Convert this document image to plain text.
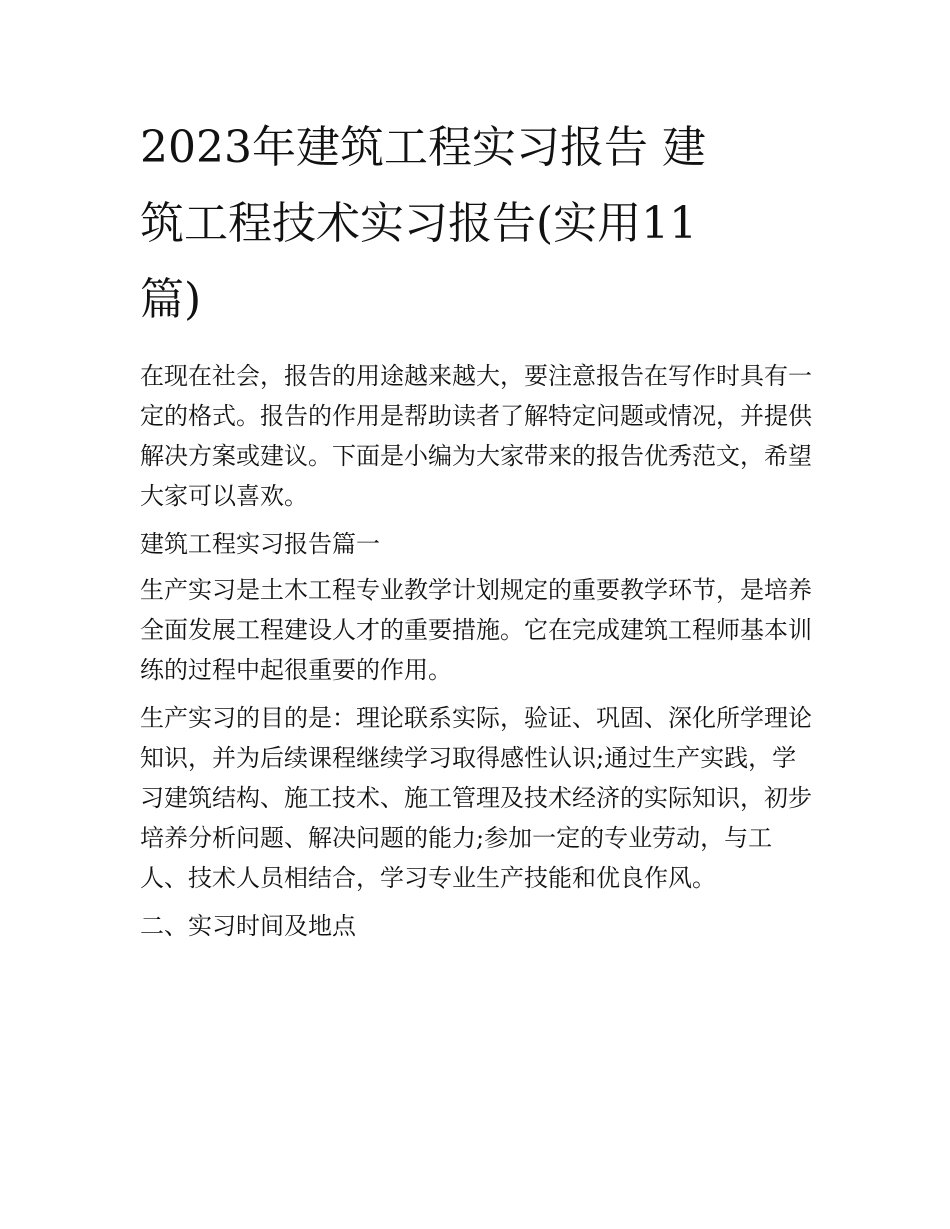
2023年建筑工程实习报告 建
筑工程技术实习报告(实用11
篇)

在现在社会，报告的用途越来越大，要注意报告在写作时具有一定的格式。报告的作用是帮助读者了解特定问题或情况，并提供解决方案或建议。下面是小编为大家带来的报告优秀范文，希望大家可以喜欢。

建筑工程实习报告篇一

生产实习是土木工程专业教学计划规定的重要教学环节，是培养全面发展工程建设人才的重要措施。它在完成建筑工程师基本训练的过程中起很重要的作用。

生产实习的目的是：理论联系实际，验证、巩固、深化所学理论知识，并为后续课程继续学习取得感性认识;通过生产实践，学习建筑结构、施工技术、施工管理及技术经济的实际知识，初步培养分析问题、解决问题的能力;参加一定的专业劳动，与工人、技术人员相结合，学习专业生产技能和优良作风。

二、实习时间及地点
